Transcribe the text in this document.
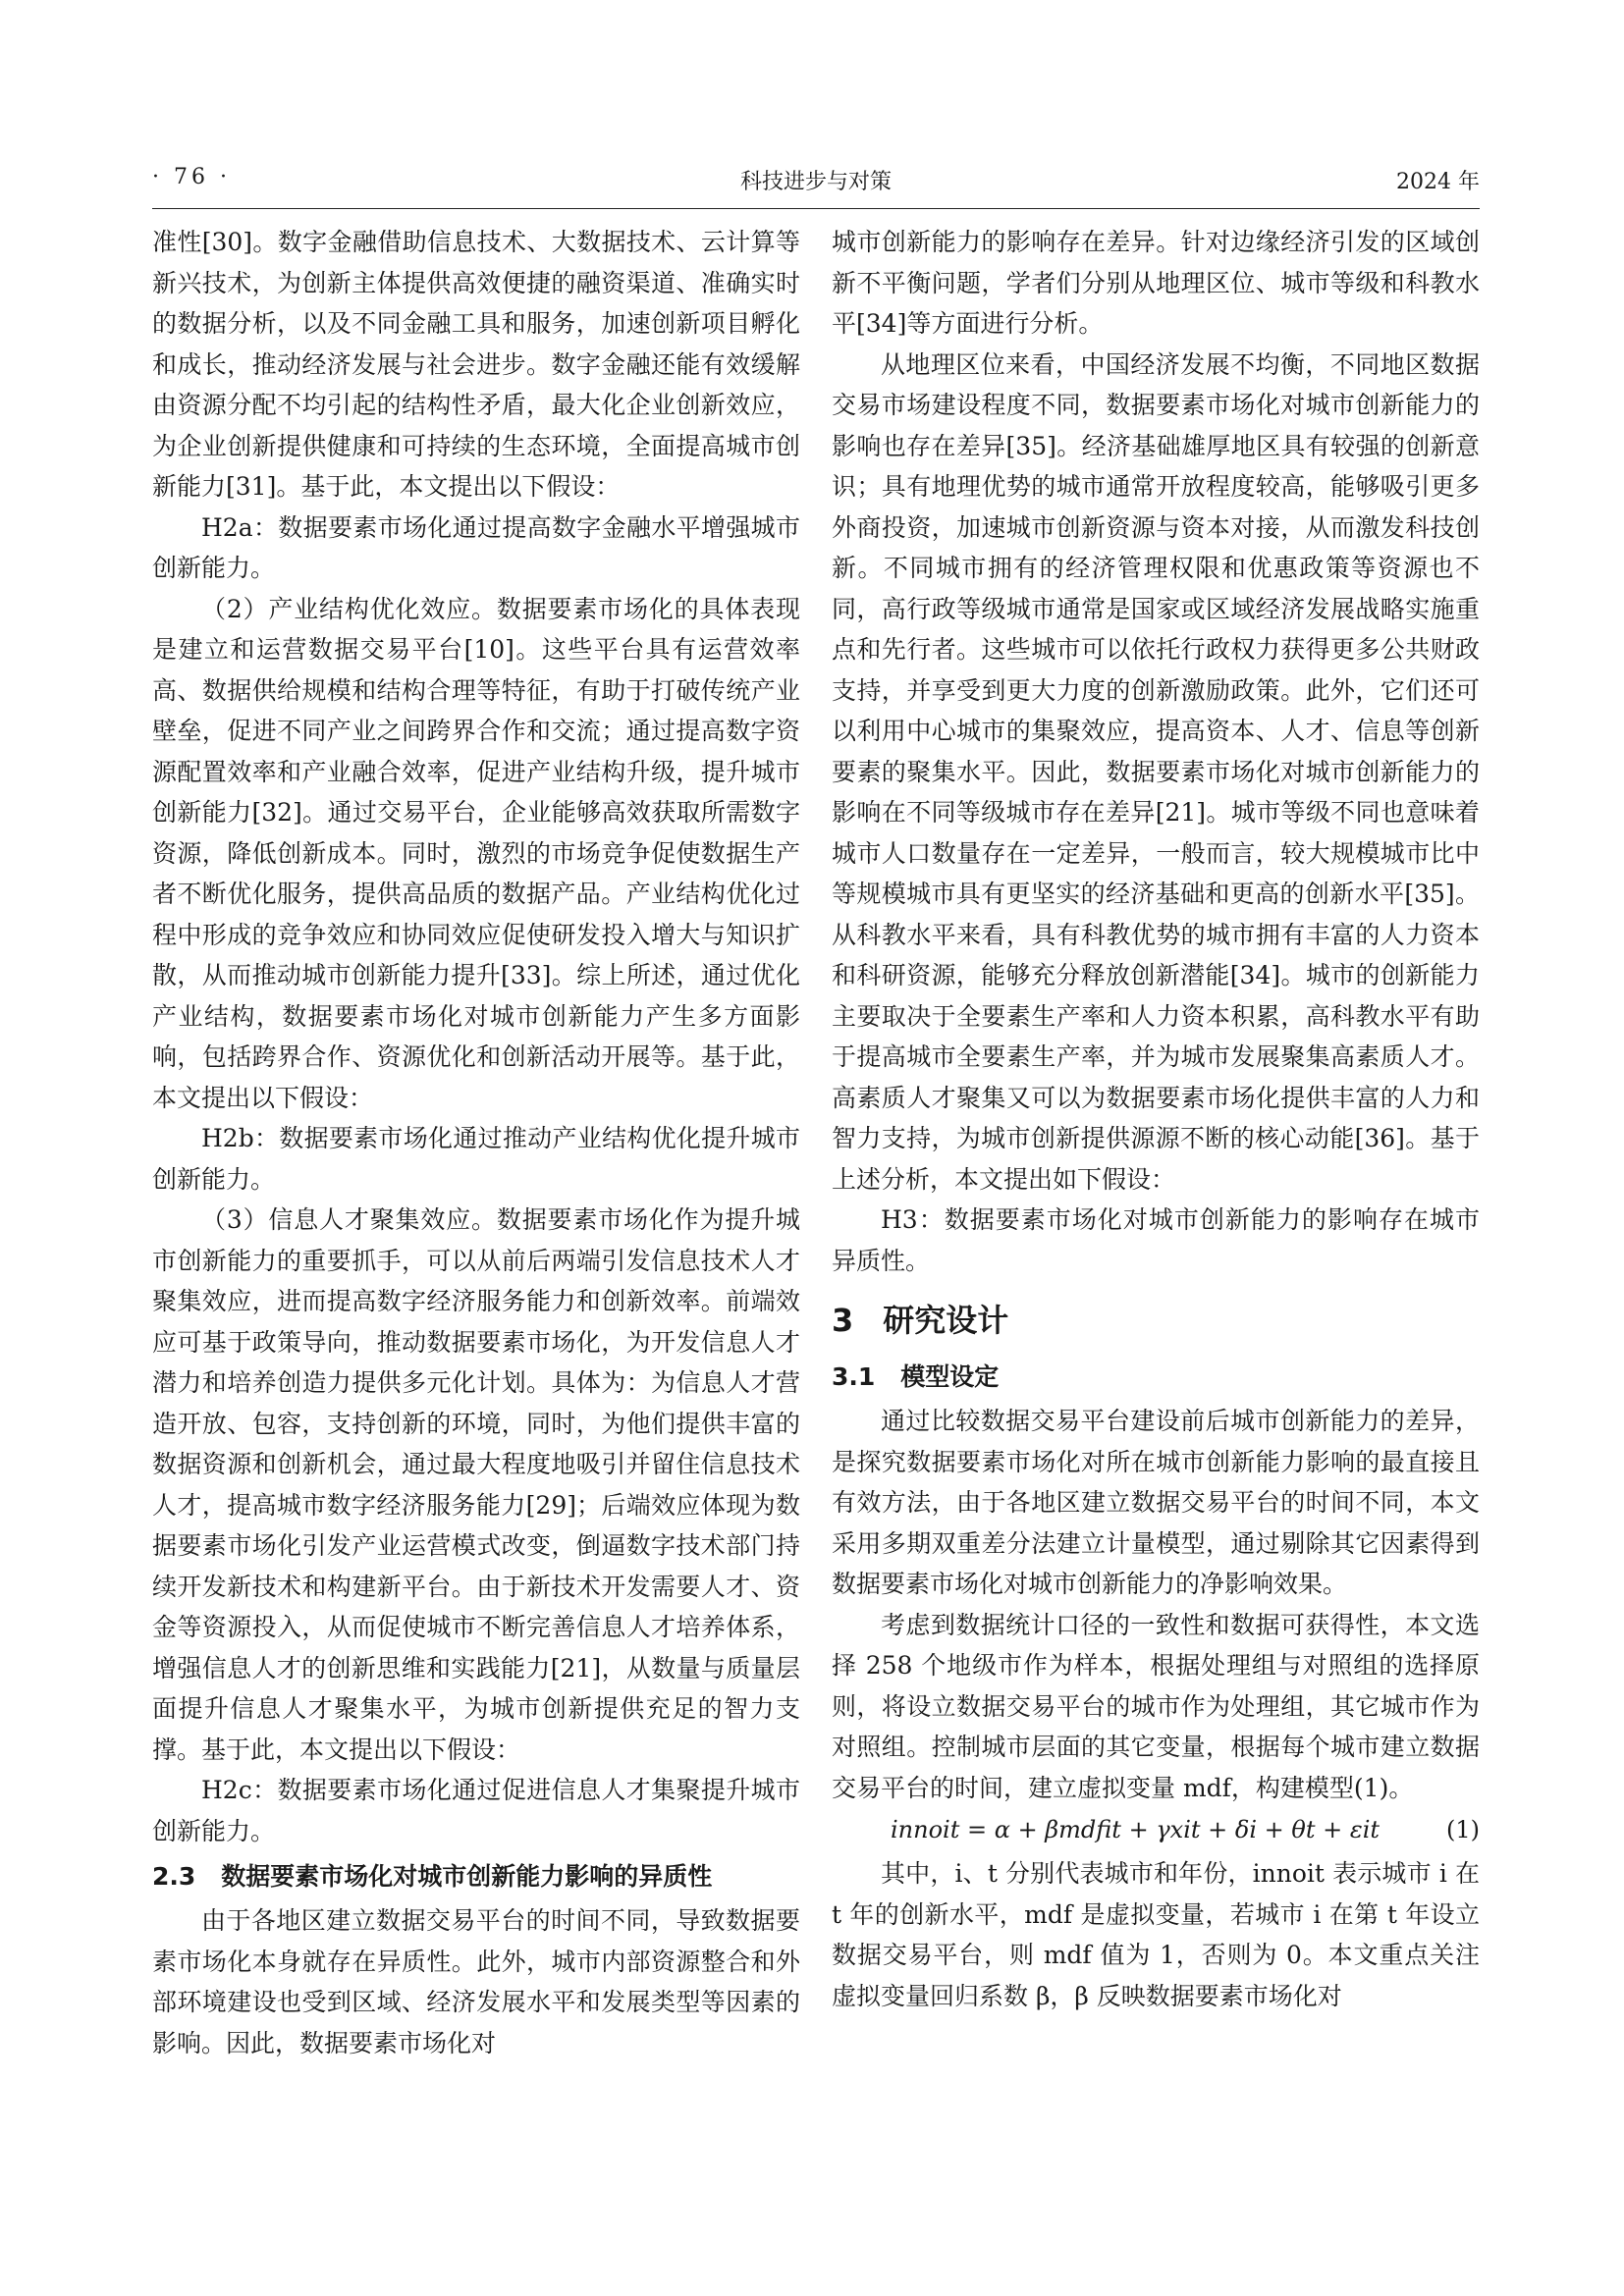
· 76 ·	科技进步与对策	2024 年

准性[30]。数字金融借助信息技术、大数据技术、云计算等新兴技术，为创新主体提供高效便捷的融资渠道、准确实时的数据分析，以及不同金融工具和服务，加速创新项目孵化和成长，推动经济发展与社会进步。数字金融还能有效缓解由资源分配不均引起的结构性矛盾，最大化企业创新效应，为企业创新提供健康和可持续的生态环境，全面提高城市创新能力[31]。基于此，本文提出以下假设：

H2a：数据要素市场化通过提高数字金融水平增强城市创新能力。

（2）产业结构优化效应。数据要素市场化的具体表现是建立和运营数据交易平台[10]。这些平台具有运营效率高、数据供给规模和结构合理等特征，有助于打破传统产业壁垒，促进不同产业之间跨界合作和交流；通过提高数字资源配置效率和产业融合效率，促进产业结构升级，提升城市创新能力[32]。通过交易平台，企业能够高效获取所需数字资源，降低创新成本。同时，激烈的市场竞争促使数据生产者不断优化服务，提供高品质的数据产品。产业结构优化过程中形成的竞争效应和协同效应促使研发投入增大与知识扩散，从而推动城市创新能力提升[33]。综上所述，通过优化产业结构，数据要素市场化对城市创新能力产生多方面影响，包括跨界合作、资源优化和创新活动开展等。基于此，本文提出以下假设：

H2b：数据要素市场化通过推动产业结构优化提升城市创新能力。

（3）信息人才聚集效应。数据要素市场化作为提升城市创新能力的重要抓手，可以从前后两端引发信息技术人才聚集效应，进而提高数字经济服务能力和创新效率。前端效应可基于政策导向，推动数据要素市场化，为开发信息人才潜力和培养创造力提供多元化计划。具体为：为信息人才营造开放、包容，支持创新的环境，同时，为他们提供丰富的数据资源和创新机会，通过最大程度地吸引并留住信息技术人才，提高城市数字经济服务能力[29]；后端效应体现为数据要素市场化引发产业运营模式改变，倒逼数字技术部门持续开发新技术和构建新平台。由于新技术开发需要人才、资金等资源投入，从而促使城市不断完善信息人才培养体系，增强信息人才的创新思维和实践能力[21]，从数量与质量层面提升信息人才聚集水平，为城市创新提供充足的智力支撑。基于此，本文提出以下假设：

H2c：数据要素市场化通过促进信息人才集聚提升城市创新能力。

2.3 数据要素市场化对城市创新能力影响的异质性

由于各地区建立数据交易平台的时间不同，导致数据要素市场化本身就存在异质性。此外，城市内部资源整合和外部环境建设也受到区域、经济发展水平和发展类型等因素的影响。因此，数据要素市场化对

城市创新能力的影响存在差异。针对边缘经济引发的区域创新不平衡问题，学者们分别从地理区位、城市等级和科教水平[34]等方面进行分析。

从地理区位来看，中国经济发展不均衡，不同地区数据交易市场建设程度不同，数据要素市场化对城市创新能力的影响也存在差异[35]。经济基础雄厚地区具有较强的创新意识；具有地理优势的城市通常开放程度较高，能够吸引更多外商投资，加速城市创新资源与资本对接，从而激发科技创新。不同城市拥有的经济管理权限和优惠政策等资源也不同，高行政等级城市通常是国家或区域经济发展战略实施重点和先行者。这些城市可以依托行政权力获得更多公共财政支持，并享受到更大力度的创新激励政策。此外，它们还可以利用中心城市的集聚效应，提高资本、人才、信息等创新要素的聚集水平。因此，数据要素市场化对城市创新能力的影响在不同等级城市存在差异[21]。城市等级不同也意味着城市人口数量存在一定差异，一般而言，较大规模城市比中等规模城市具有更坚实的经济基础和更高的创新水平[35]。从科教水平来看，具有科教优势的城市拥有丰富的人力资本和科研资源，能够充分释放创新潜能[34]。城市的创新能力主要取决于全要素生产率和人力资本积累，高科教水平有助于提高城市全要素生产率，并为城市发展聚集高素质人才。高素质人才聚集又可以为数据要素市场化提供丰富的人力和智力支持，为城市创新提供源源不断的核心动能[36]。基于上述分析，本文提出如下假设：

H3：数据要素市场化对城市创新能力的影响存在城市异质性。

3 研究设计
3.1 模型设定

通过比较数据交易平台建设前后城市创新能力的差异，是探究数据要素市场化对所在城市创新能力影响的最直接且有效方法，由于各地区建立数据交易平台的时间不同，本文采用多期双重差分法建立计量模型，通过剔除其它因素得到数据要素市场化对城市创新能力的净影响效果。

考虑到数据统计口径的一致性和数据可获得性，本文选择 258 个地级市作为样本，根据处理组与对照组的选择原则，将设立数据交易平台的城市作为处理组，其它城市作为对照组。控制城市层面的其它变量，根据每个城市建立数据交易平台的时间，建立虚拟变量 mdf，构建模型(1)。

innoit = α + βmdfit + γxit + δi + θt + εit	(1)

其中，i、t 分别代表城市和年份，innoit 表示城市 i 在 t 年的创新水平，mdf 是虚拟变量，若城市 i 在第 t 年设立数据交易平台，则 mdf 值为 1，否则为 0。本文重点关注虚拟变量回归系数 β，β 反映数据要素市场化对
